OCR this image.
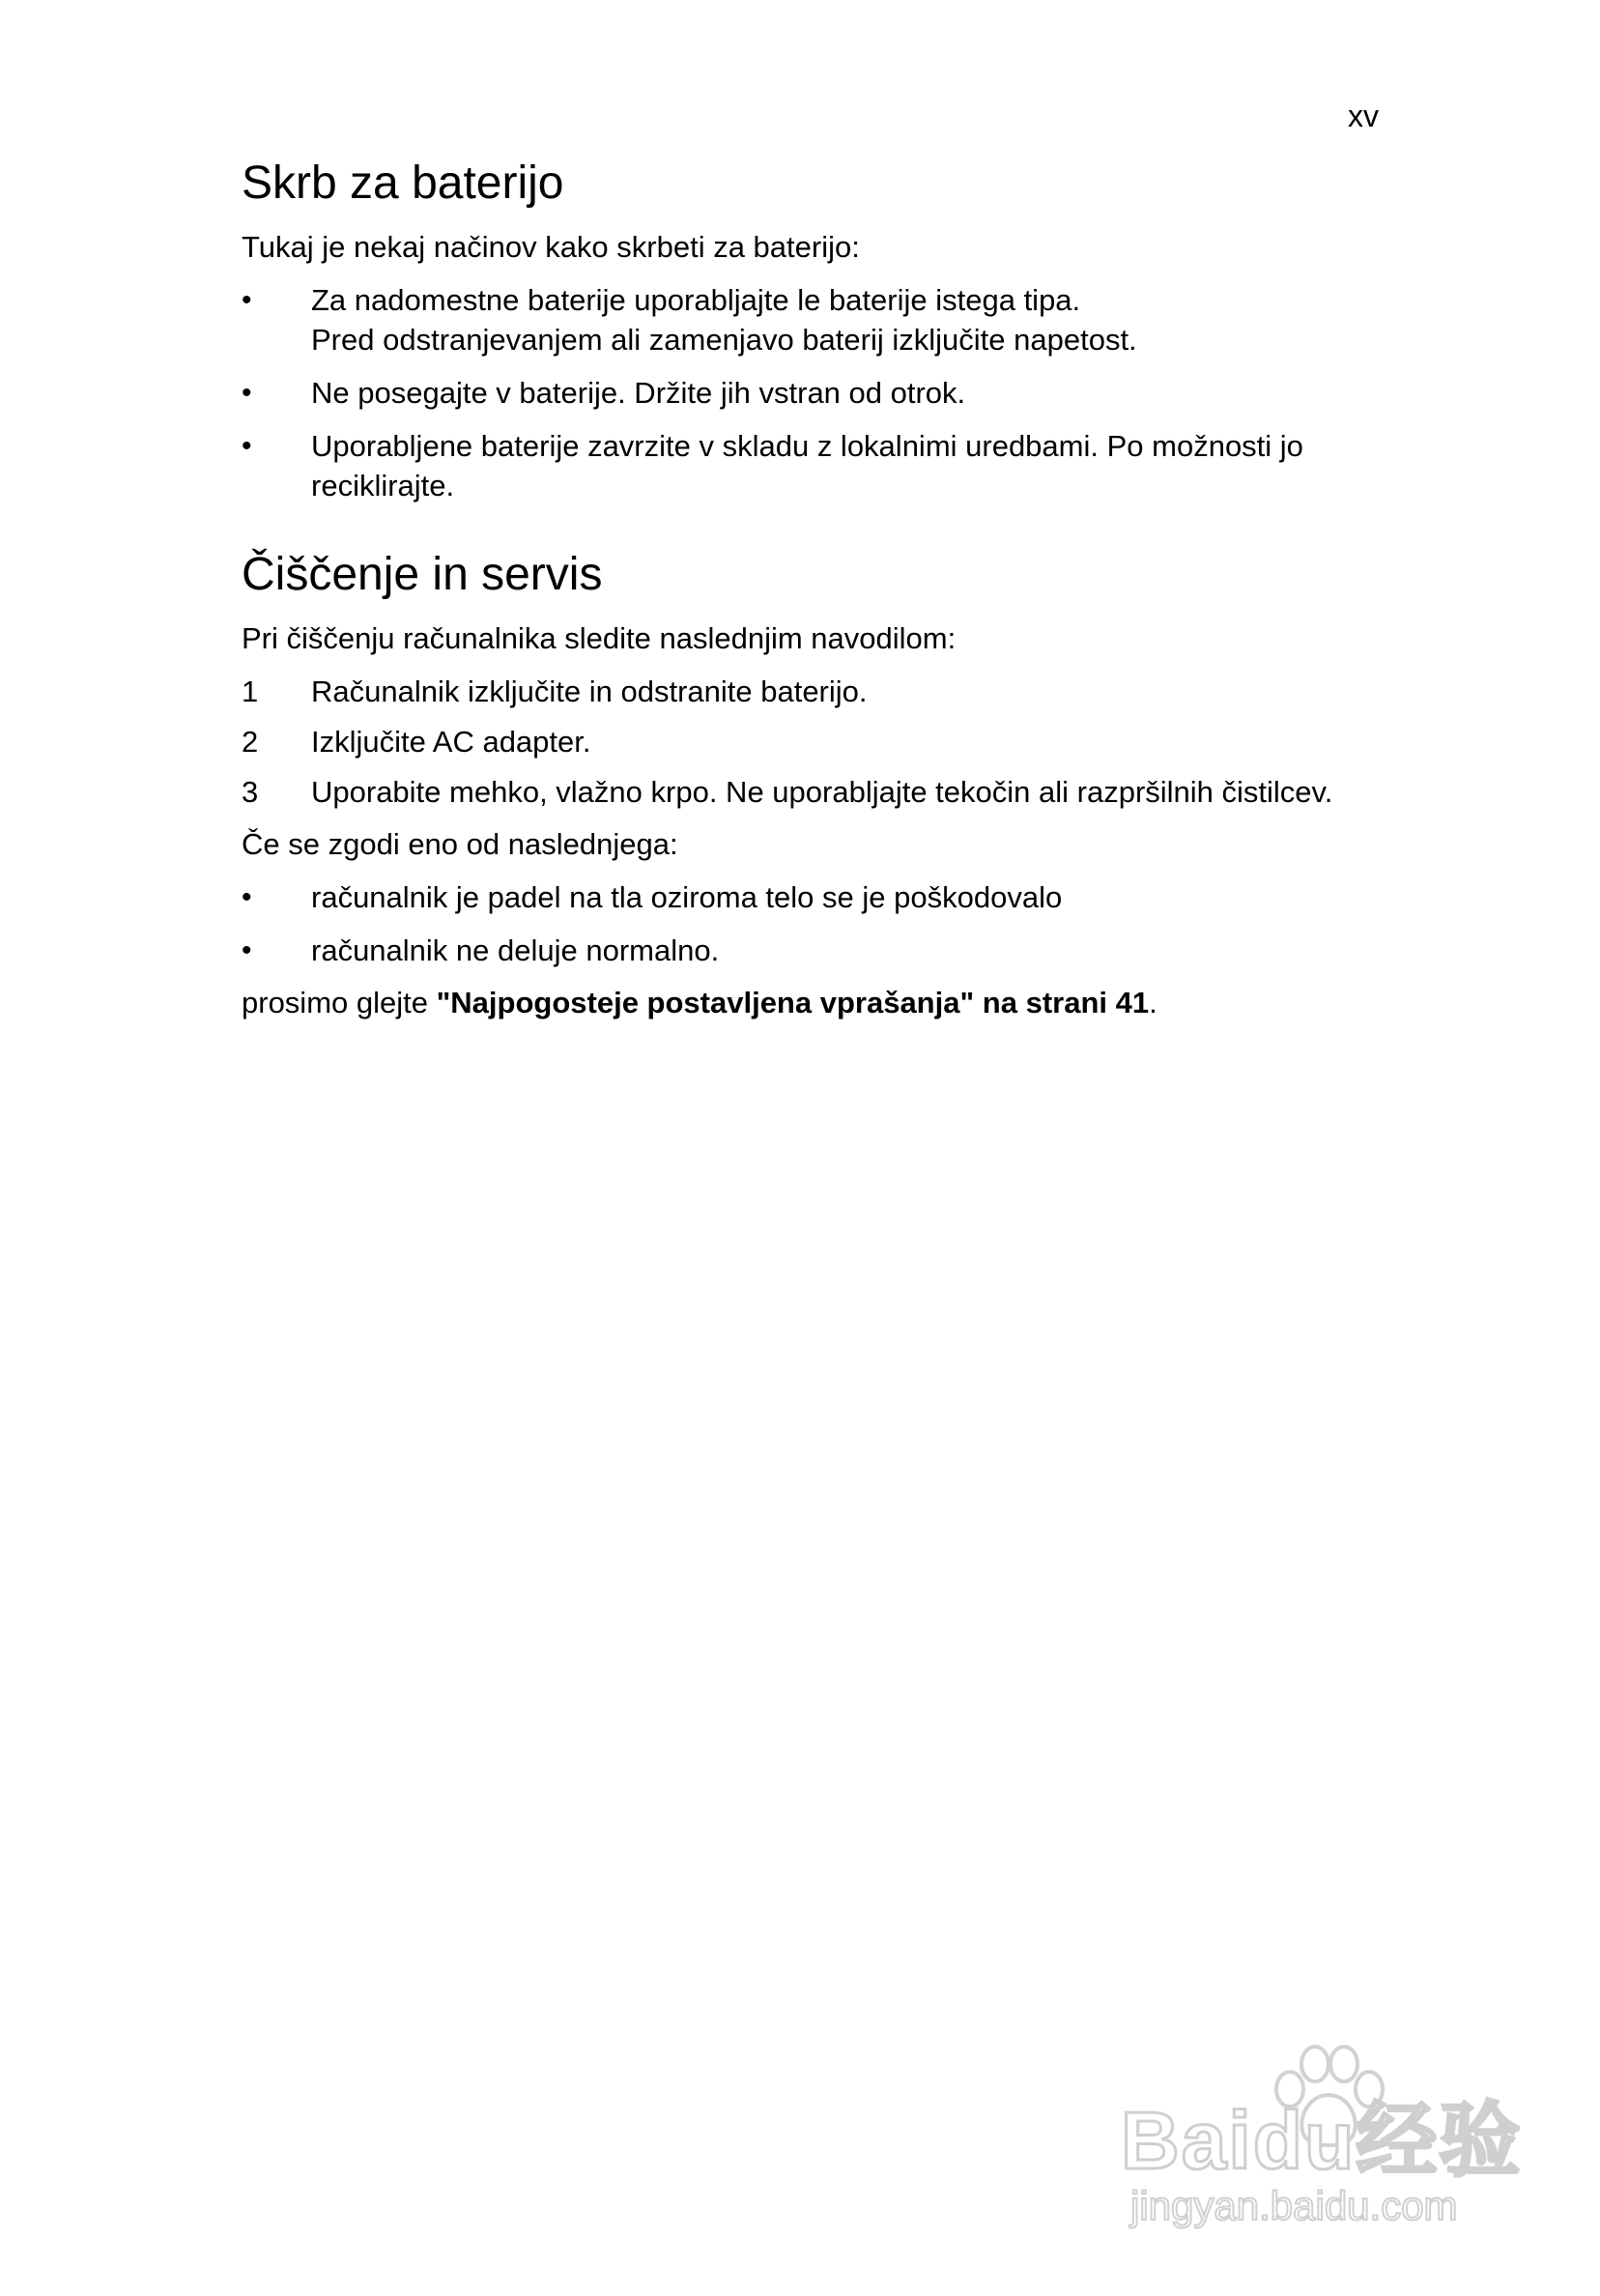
xv
Skrb za baterijo

Tukaj je nekaj načinov kako skrbeti za baterijo:

•	Za nadomestne baterije uporabljajte le baterije istega tipa.
Pred odstranjevanjem ali zamenjavo baterij izključite napetost.
•	Ne posegajte v baterije. Držite jih vstran od otrok.
•	Uporabljene baterije zavrzite v skladu z lokalnimi uredbami. Po možnosti jo
reciklirajte.
Čiščenje in servis

Pri čiščenju računalnika sledite naslednjim navodilom:

1	Računalnik izključite in odstranite baterijo.
2	Izključite AC adapter.
3	Uporabite mehko, vlažno krpo. Ne uporabljajte tekočin ali razpršilnih čistilcev.

Če se zgodi eno od naslednjega:

•	računalnik je padel na tla oziroma telo se je poškodovalo
•	računalnik ne deluje normalno.

prosimo glejte "Najpogosteje postavljena vprašanja" na strani 41.

Baidu经验
jingyan.baidu.com
